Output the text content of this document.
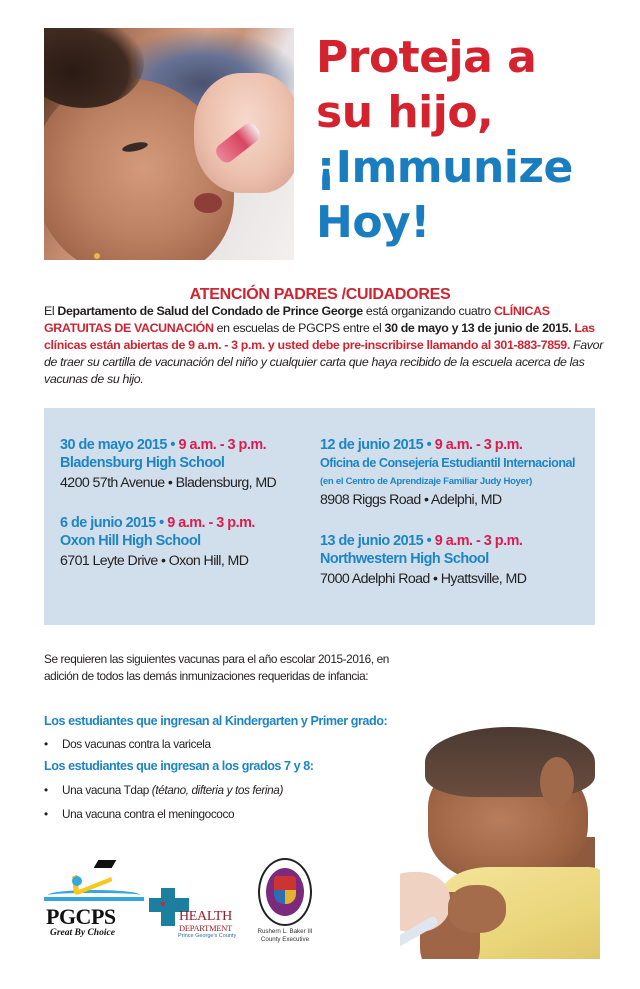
Proteja a
su hijo,
¡Immunize
Hoy!
ATENCIÓN PADRES /CUIDADORES
El Departamento de Salud del Condado de Prince George está organizando cuatro CLÍNICAS GRATUITAS DE VACUNACIÓN en escuelas de PGCPS entre el 30 de mayo y 13 de junio de 2015. Las clínicas están abiertas de 9 a.m. - 3 p.m. y usted debe pre-inscribirse llamando al 301-883-7859. Favor de traer su cartilla de vacunación del niño y cualquier carta que haya recibido de la escuela acerca de las vacunas de su hijo.
30 de mayo 2015 • 9 a.m. - 3 p.m.
Bladensburg High School
4200 57th Avenue • Bladensburg, MD
6 de junio 2015 • 9 a.m. - 3 p.m.
Oxon Hill High School
6701 Leyte Drive • Oxon Hill, MD
12 de junio 2015 • 9 a.m. - 3 p.m.
Oficina de Consejería Estudiantil Internacional
(en el Centro de Aprendizaje Familiar Judy Hoyer)
8908 Riggs Road • Adelphi, MD
13 de junio 2015 • 9 a.m. - 3 p.m.
Northwestern High School
7000 Adelphi Road • Hyattsville, MD
Se requieren las siguientes vacunas para el año escolar 2015-2016, en adición de todos las demás inmunizaciones requeridas de infancia:
Los estudiantes que ingresan al Kindergarten y Primer grado:
• Dos vacunas contra la varicela
Los estudiantes que ingresan a los grados 7 y 8:
• Una vacuna Tdap (tétano, difteria y tos ferina)
• Una vacuna contra el meningococo
PGCPS
Great By Choice
♥
HEALTH
DEPARTMENT
Prince George's County
Rushern L. Baker III
County Executive
